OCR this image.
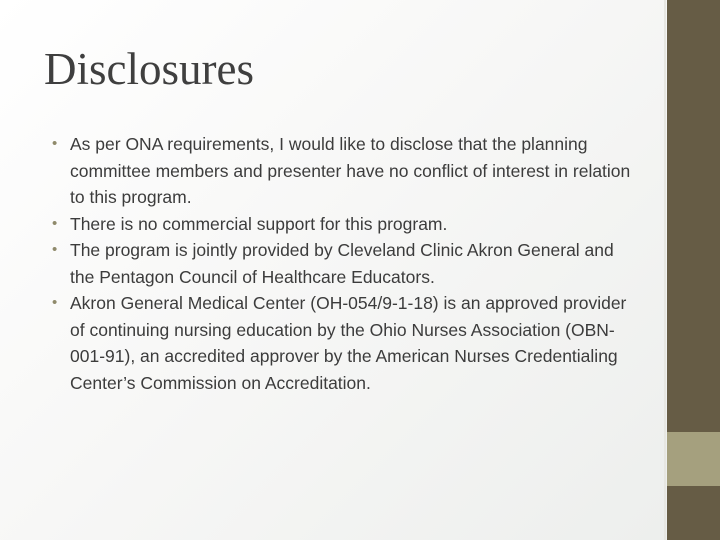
Disclosures
• As per ONA requirements, I would like to disclose that the planning committee members and presenter have no conflict of interest in relation to this program.
• There is no commercial support for this program.
• The program is jointly provided by Cleveland Clinic Akron General and the Pentagon Council of Healthcare Educators.
• Akron General Medical Center (OH-054/9-1-18) is an approved provider of continuing nursing education by the Ohio Nurses Association (OBN-001-91), an accredited approver by the American Nurses Credentialing Center’s Commission on Accreditation.
